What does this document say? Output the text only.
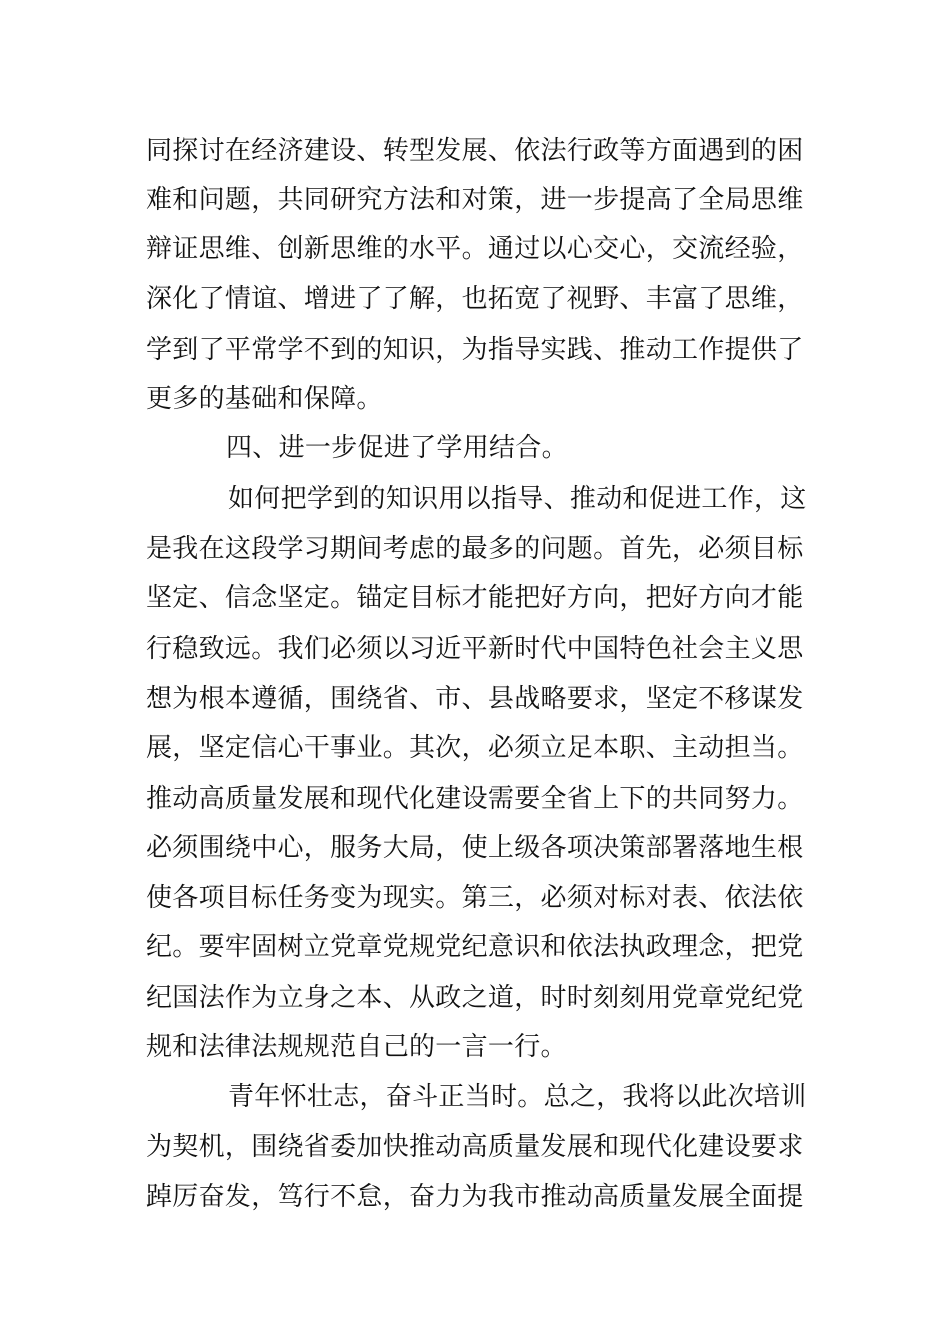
同探讨在经济建设、转型发展、依法行政等方面遇到的困
难和问题，共同研究方法和对策，进一步提高了全局思维
辩证思维、创新思维的水平。通过以心交心，交流经验，
深化了情谊、增进了了解，也拓宽了视野、丰富了思维，
学到了平常学不到的知识，为指导实践、推动工作提供了
更多的基础和保障。
四、进一步促进了学用结合。
如何把学到的知识用以指导、推动和促进工作，这
是我在这段学习期间考虑的最多的问题。首先，必须目标
坚定、信念坚定。锚定目标才能把好方向，把好方向才能
行稳致远。我们必须以习近平新时代中国特色社会主义思
想为根本遵循，围绕省、市、县战略要求，坚定不移谋发
展，坚定信心干事业。其次，必须立足本职、主动担当。
推动高质量发展和现代化建设需要全省上下的共同努力。
必须围绕中心，服务大局，使上级各项决策部署落地生根
使各项目标任务变为现实。第三，必须对标对表、依法依
纪。要牢固树立党章党规党纪意识和依法执政理念，把党
纪国法作为立身之本、从政之道，时时刻刻用党章党纪党
规和法律法规规范自己的一言一行。
青年怀壮志，奋斗正当时。总之，我将以此次培训
为契机，围绕省委加快推动高质量发展和现代化建设要求
踔厉奋发，笃行不怠，奋力为我市推动高质量发展全面提
